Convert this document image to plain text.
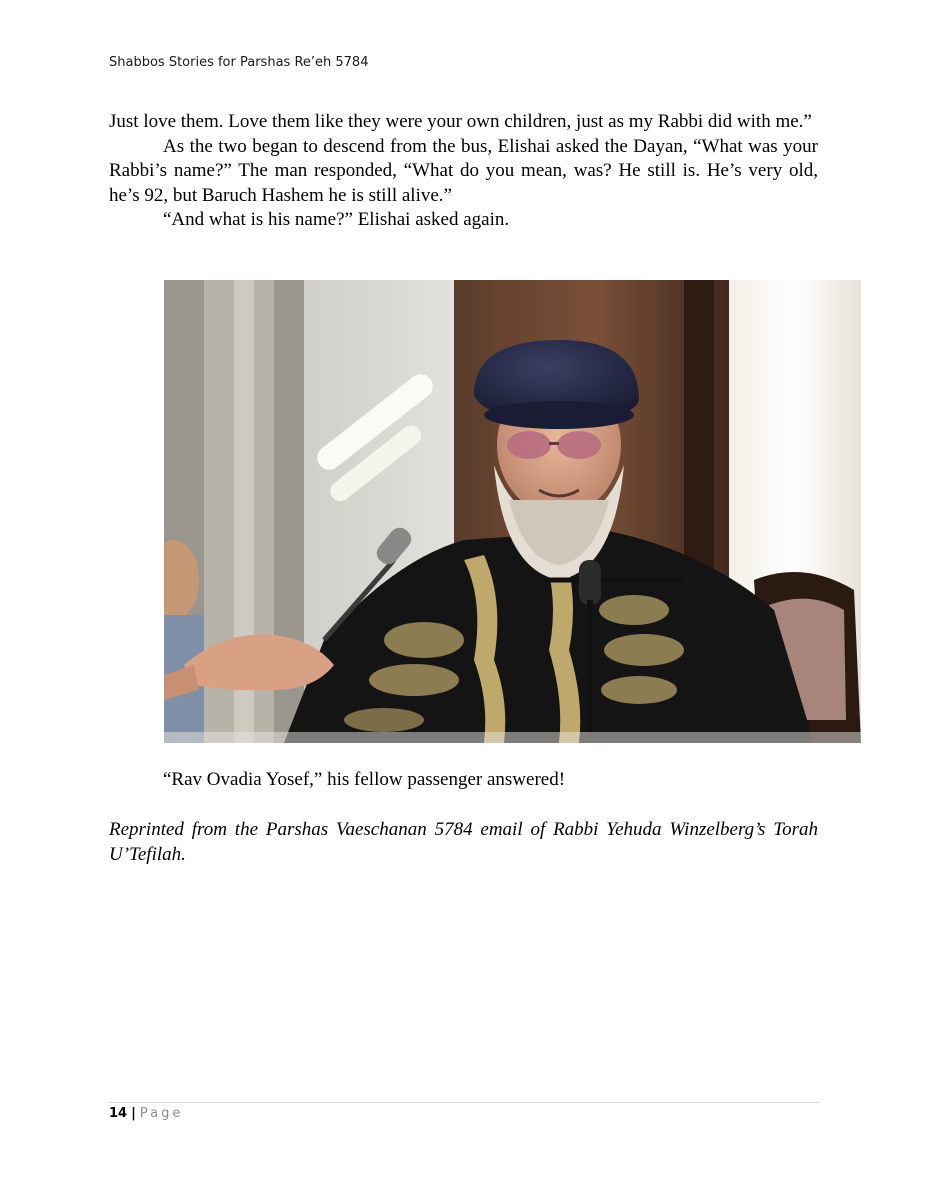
Shabbos Stories for Parshas Re’eh 5784

Just love them. Love them like they were your own children, just as my Rabbi did with me.”

As the two began to descend from the bus, Elishai asked the Dayan, “What was your Rabbi’s name?” The man responded, “What do you mean, was? He still is. He’s very old, he’s 92, but Baruch Hashem he is still alive.”

“And what is his name?” Elishai asked again.

“Rav Ovadia Yosef,” his fellow passenger answered!
Reprinted from the Parshas Vaeschanan 5784 email of Rabbi Yehuda Winzelberg’s Torah U’Tefilah.
14 | Page
